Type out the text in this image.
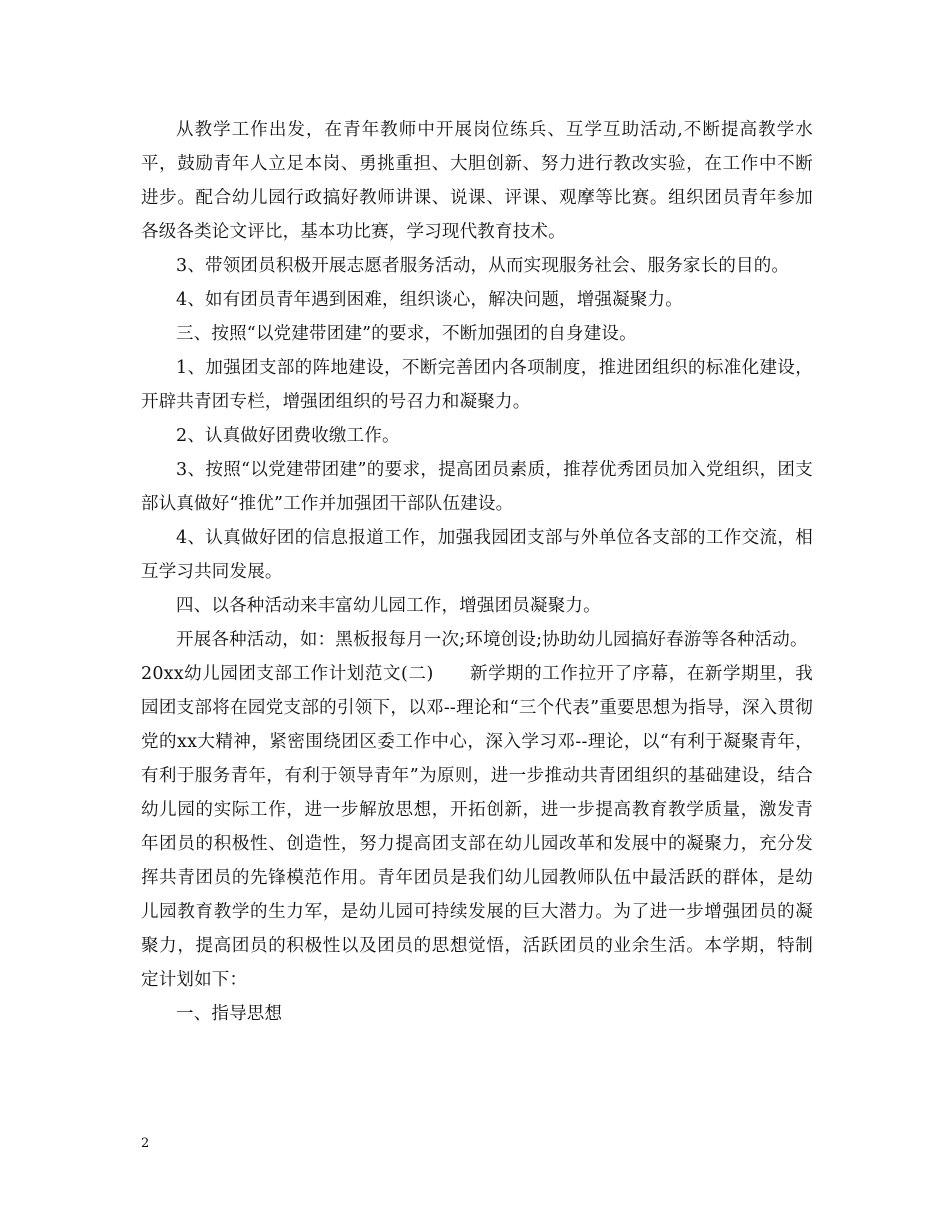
从教学工作出发，在青年教师中开展岗位练兵、互学互助活动,不断提高教学水平，鼓励青年人立足本岗、勇挑重担、大胆创新、努力进行教改实验，在工作中不断进步。配合幼儿园行政搞好教师讲课、说课、评课、观摩等比赛。组织团员青年参加各级各类论文评比，基本功比赛，学习现代教育技术。

3、带领团员积极开展志愿者服务活动，从而实现服务社会、服务家长的目的。

4、如有团员青年遇到困难，组织谈心，解决问题，增强凝聚力。

三、按照“以党建带团建”的要求，不断加强团的自身建设。

1、加强团支部的阵地建设，不断完善团内各项制度，推进团组织的标准化建设，开辟共青团专栏，增强团组织的号召力和凝聚力。

2、认真做好团费收缴工作。

3、按照“以党建带团建”的要求，提高团员素质，推荐优秀团员加入党组织，团支部认真做好“推优”工作并加强团干部队伍建设。

4、认真做好团的信息报道工作，加强我园团支部与外单位各支部的工作交流，相互学习共同发展。

四、以各种活动来丰富幼儿园工作，增强团员凝聚力。

开展各种活动，如：黑板报每月一次;环境创设;协助幼儿园搞好春游等各种活动。

20xx幼儿园团支部工作计划范文(二)　　新学期的工作拉开了序幕，在新学期里，我园团支部将在园党支部的引领下，以邓--理论和“三个代表”重要思想为指导，深入贯彻党的xx大精神，紧密围绕团区委工作中心，深入学习邓--理论，以“有利于凝聚青年，有利于服务青年，有利于领导青年”为原则，进一步推动共青团组织的基础建设，结合幼儿园的实际工作，进一步解放思想，开拓创新，进一步提高教育教学质量，激发青年团员的积极性、创造性，努力提高团支部在幼儿园改革和发展中的凝聚力，充分发挥共青团员的先锋模范作用。青年团员是我们幼儿园教师队伍中最活跃的群体，是幼儿园教育教学的生力军，是幼儿园可持续发展的巨大潜力。为了进一步增强团员的凝聚力，提高团员的积极性以及团员的思想觉悟，活跃团员的业余生活。本学期，特制定计划如下：

一、指导思想

2
